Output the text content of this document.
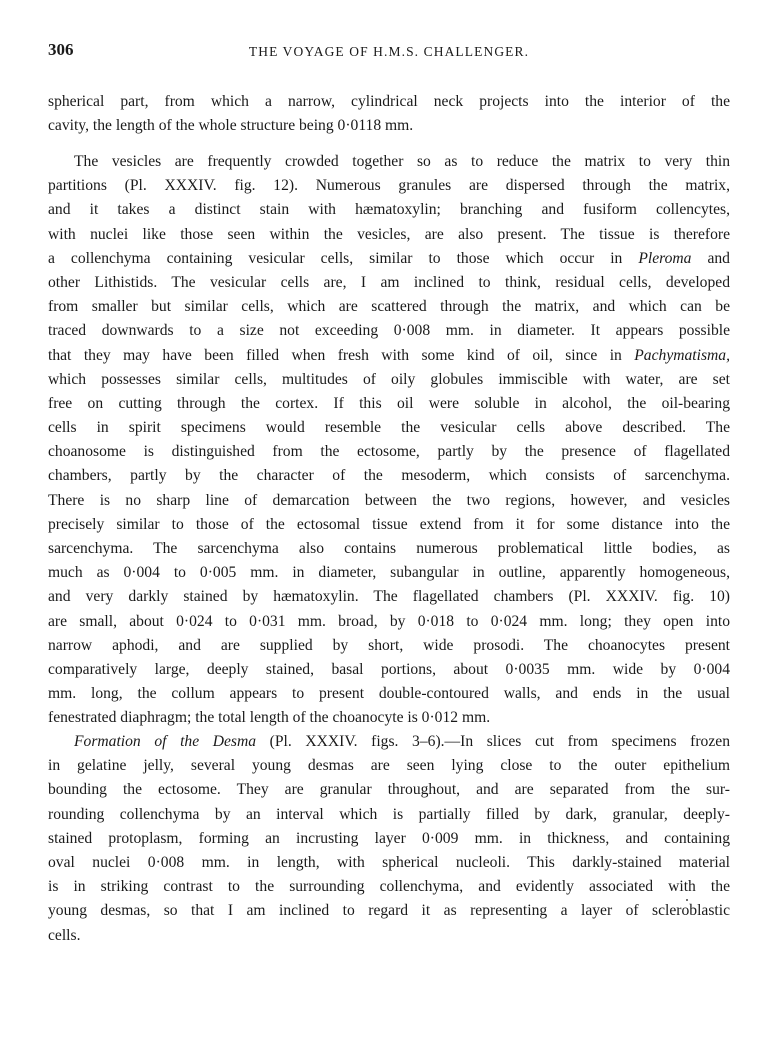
306	THE VOYAGE OF H.M.S. CHALLENGER.
spherical part, from which a narrow, cylindrical neck projects into the interior of the
cavity, the length of the whole structure being 0·0118 mm.
The vesicles are frequently crowded together so as to reduce the matrix to very thin
partitions (Pl. XXXIV. fig. 12). Numerous granules are dispersed through the matrix,
and it takes a distinct stain with hæmatoxylin; branching and fusiform collencytes,
with nuclei like those seen within the vesicles, are also present. The tissue is therefore
a collenchyma containing vesicular cells, similar to those which occur in Pleroma and
other Lithistids. The vesicular cells are, I am inclined to think, residual cells, developed
from smaller but similar cells, which are scattered through the matrix, and which can be
traced downwards to a size not exceeding 0·008 mm. in diameter. It appears possible
that they may have been filled when fresh with some kind of oil, since in Pachymatisma,
which possesses similar cells, multitudes of oily globules immiscible with water, are set
free on cutting through the cortex. If this oil were soluble in alcohol, the oil-bearing
cells in spirit specimens would resemble the vesicular cells above described. The
choanosome is distinguished from the ectosome, partly by the presence of flagellated
chambers, partly by the character of the mesoderm, which consists of sarcenchyma.
There is no sharp line of demarcation between the two regions, however, and vesicles
precisely similar to those of the ectosomal tissue extend from it for some distance into the
sarcenchyma. The sarcenchyma also contains numerous problematical little bodies, as
much as 0·004 to 0·005 mm. in diameter, subangular in outline, apparently homogeneous,
and very darkly stained by hæmatoxylin. The flagellated chambers (Pl. XXXIV. fig. 10)
are small, about 0·024 to 0·031 mm. broad, by 0·018 to 0·024 mm. long; they open into
narrow aphodi, and are supplied by short, wide prosodi. The choanocytes present
comparatively large, deeply stained, basal portions, about 0·0035 mm. wide by 0·004
mm. long, the collum appears to present double-contoured walls, and ends in the usual
fenestrated diaphragm; the total length of the choanocyte is 0·012 mm.
Formation of the Desma (Pl. XXXIV. figs. 3–6).—In slices cut from specimens frozen
in gelatine jelly, several young desmas are seen lying close to the outer epithelium
bounding the ectosome. They are granular throughout, and are separated from the sur-
rounding collenchyma by an interval which is partially filled by dark, granular, deeply-
stained protoplasm, forming an incrusting layer 0·009 mm. in thickness, and containing
oval nuclei 0·008 mm. in length, with spherical nucleoli. This darkly-stained material
is in striking contrast to the surrounding collenchyma, and evidently associated with the
young desmas, so that I am inclined to regard it as representing a layer of scleroblastic
cells.
